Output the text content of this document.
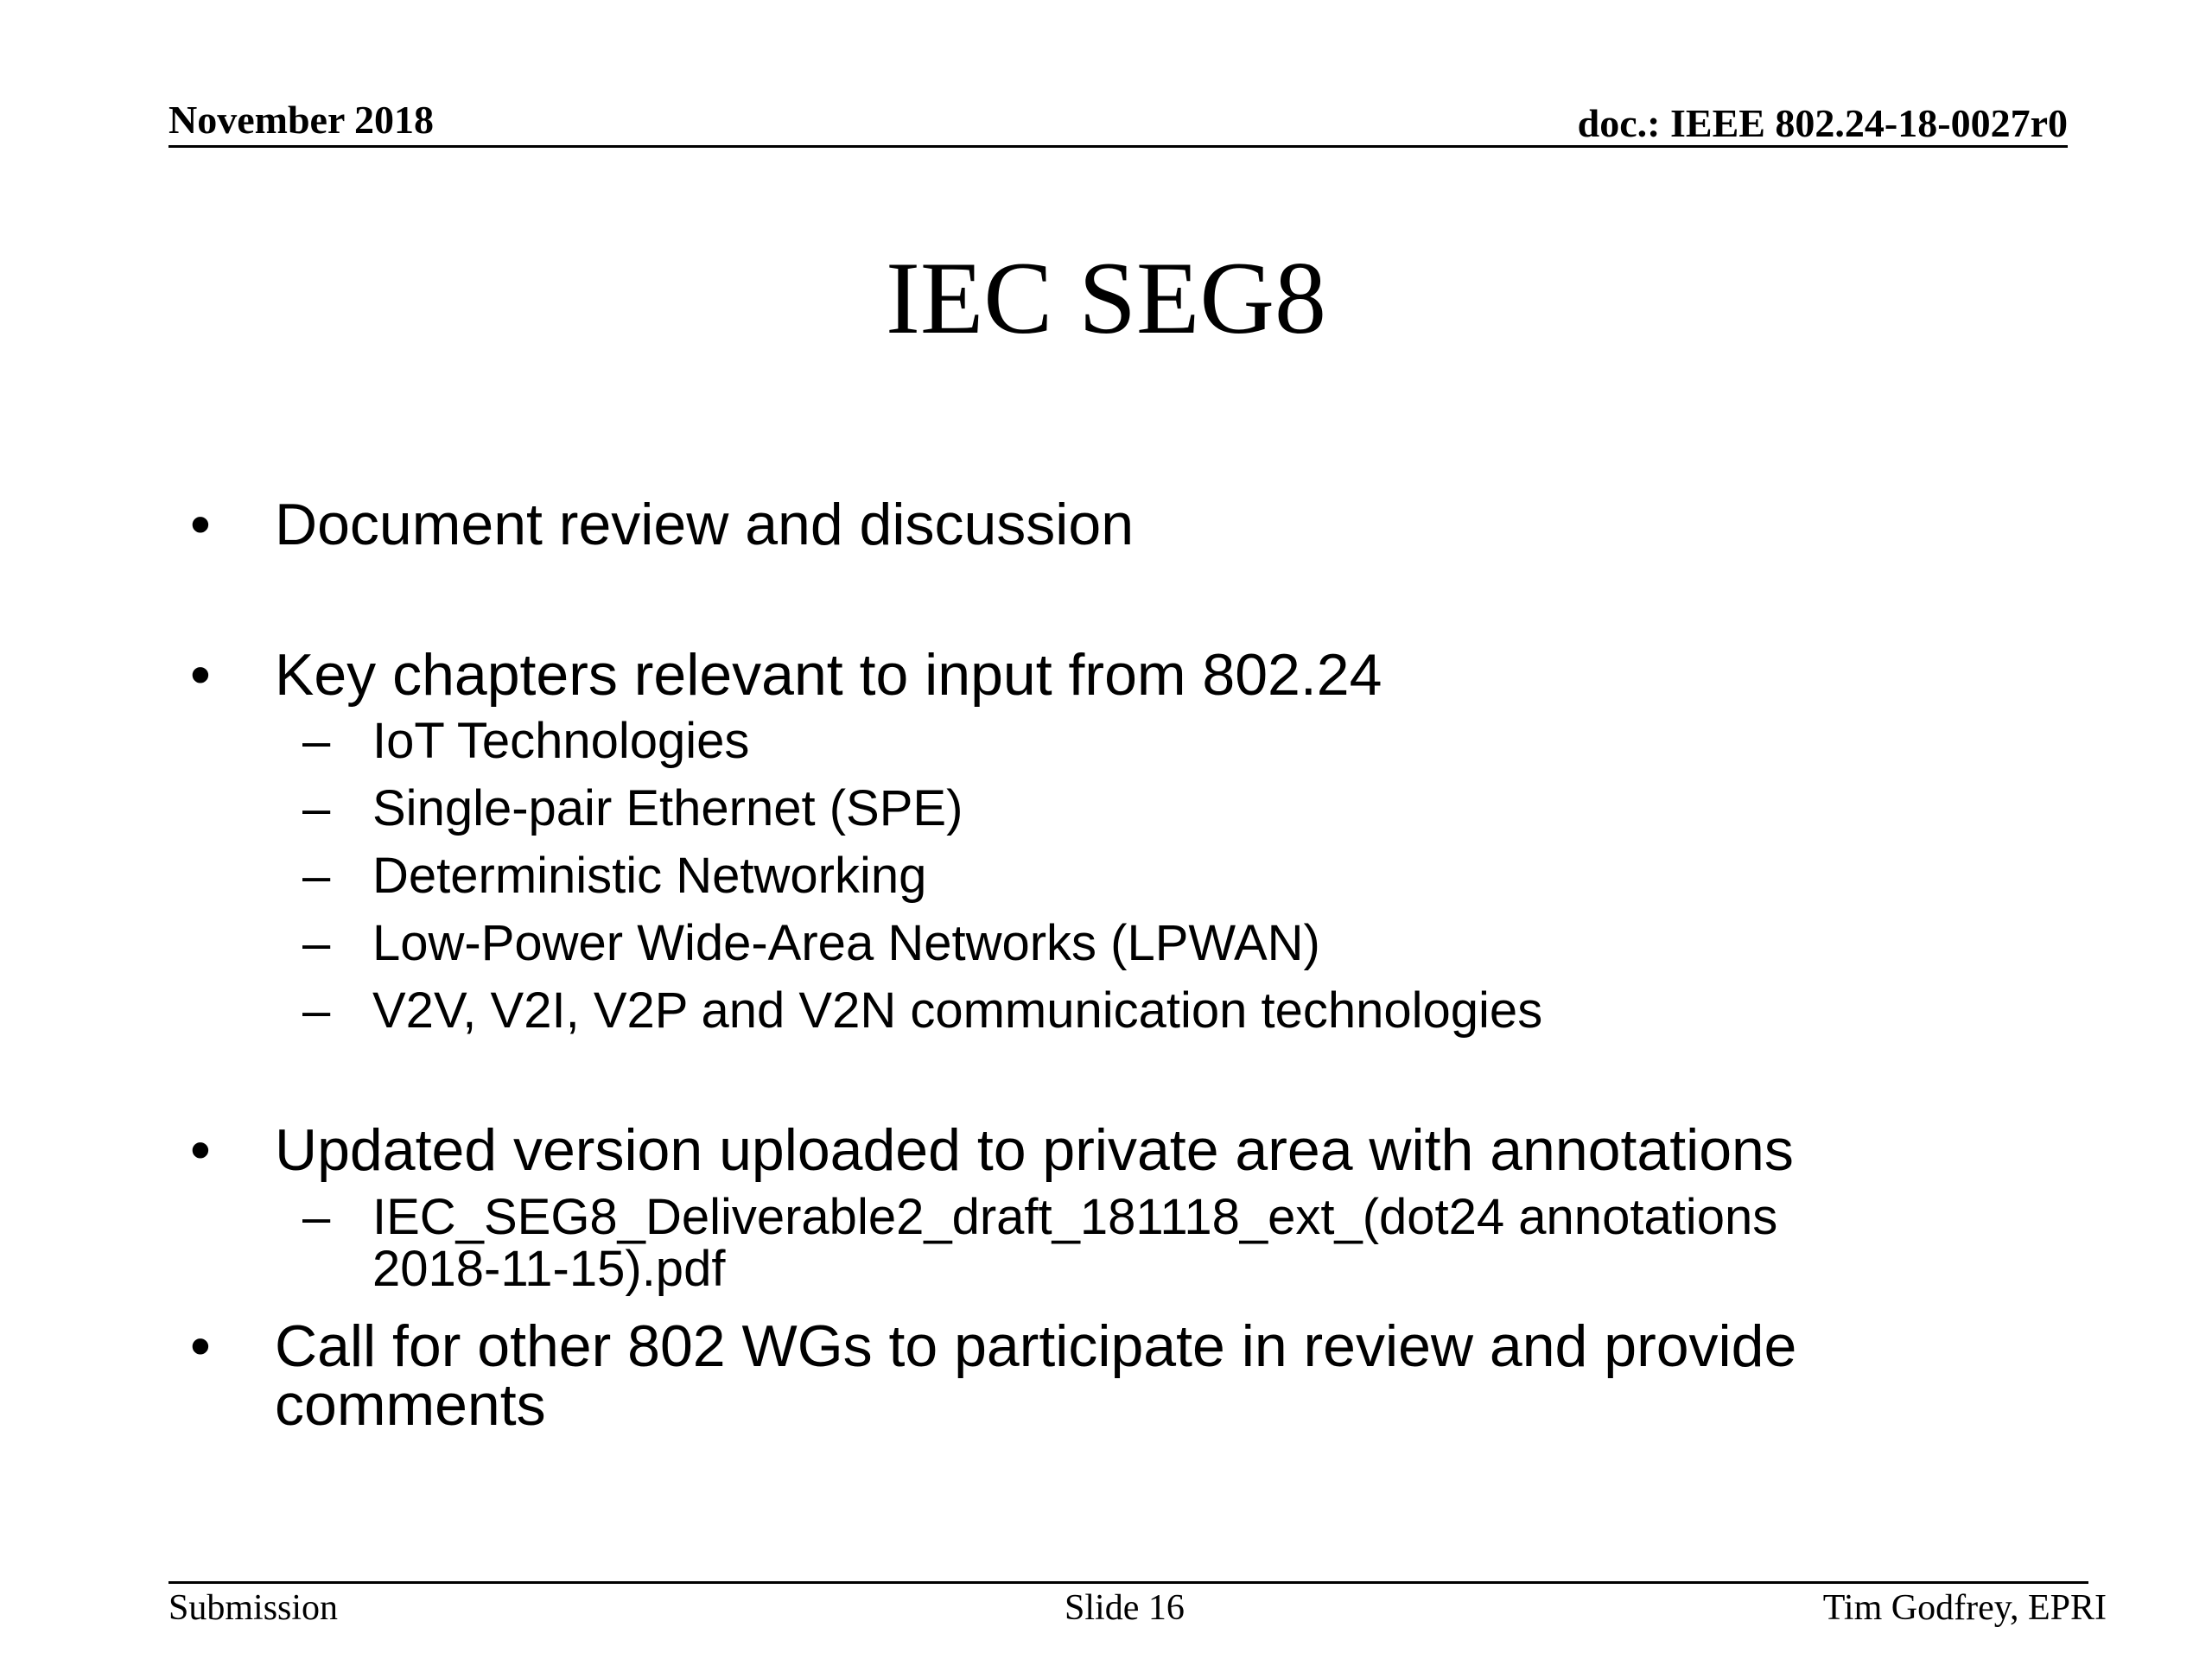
November 2018	doc.: IEEE 802.24-18-0027r0
IEC SEG8
• Document review and discussion
• Key chapters relevant to input from 802.24
– IoT Technologies
– Single-pair Ethernet (SPE)
– Deterministic Networking
– Low-Power Wide-Area Networks (LPWAN)
– V2V, V2I, V2P and V2N communication technologies
• Updated version uploaded to private area with annotations
– IEC_SEG8_Deliverable2_draft_181118_ext_(dot24 annotations
2018-11-15).pdf
• Call for other 802 WGs to participate in review and provide
comments
Submission	Slide 16	Tim Godfrey, EPRI
